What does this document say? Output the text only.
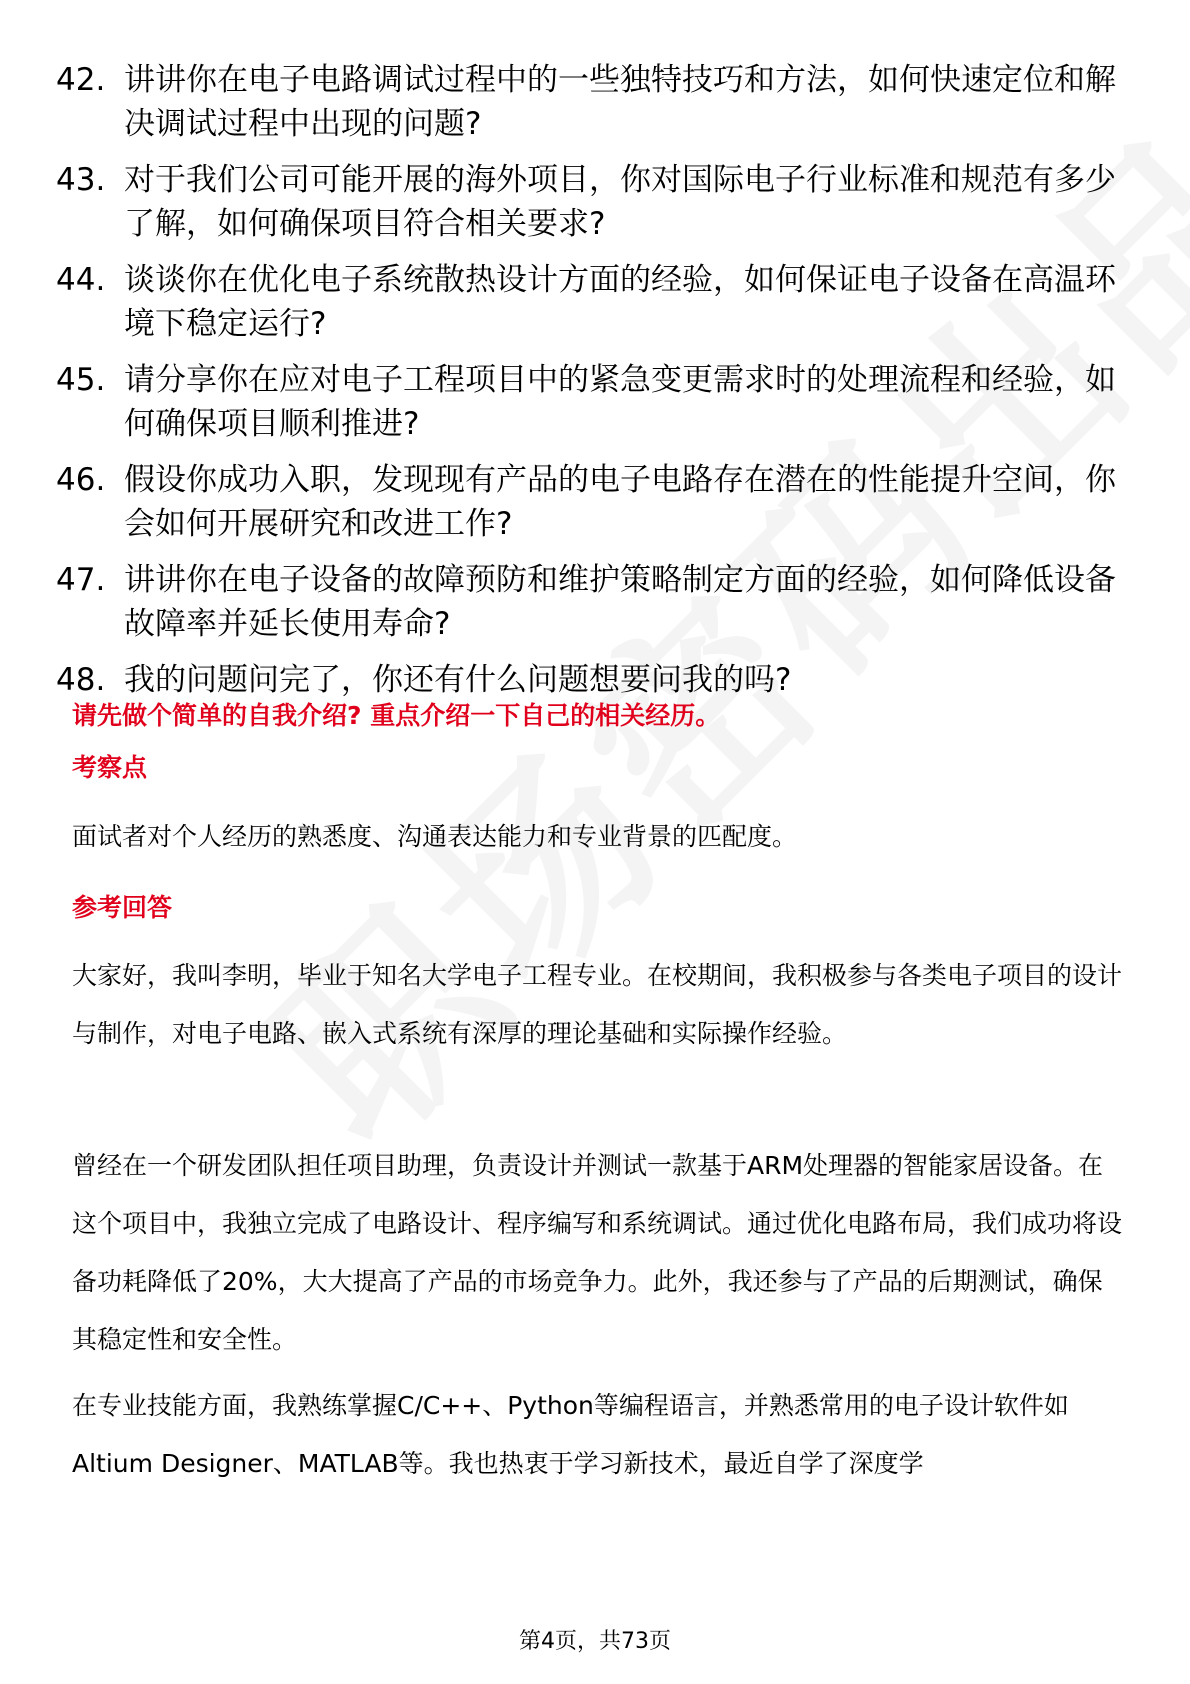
42. 讲讲你在电子电路调试过程中的一些独特技巧和方法，如何快速定位和解决调试过程中出现的问题?
43. 对于我们公司可能开展的海外项目，你对国际电子行业标准和规范有多少了解，如何确保项目符合相关要求?
44. 谈谈你在优化电子系统散热设计方面的经验，如何保证电子设备在高温环境下稳定运行?
45. 请分享你在应对电子工程项目中的紧急变更需求时的处理流程和经验，如何确保项目顺利推进?
46. 假设你成功入职，发现现有产品的电子电路存在潜在的性能提升空间，你会如何开展研究和改进工作?
47. 讲讲你在电子设备的故障预防和维护策略制定方面的经验，如何降低设备故障率并延长使用寿命?
48. 我的问题问完了，你还有什么问题想要问我的吗?
请先做个简单的自我介绍? 重点介绍一下自己的相关经历。
考察点
面试者对个人经历的熟悉度、沟通表达能力和专业背景的匹配度。
参考回答
大家好，我叫李明，毕业于知名大学电子工程专业。在校期间，我积极参与各类电子项目的设计与制作，对电子电路、嵌入式系统有深厚的理论基础和实际操作经验。
曾经在一个研发团队担任项目助理，负责设计并测试一款基于ARM处理器的智能家居设备。在这个项目中，我独立完成了电路设计、程序编写和系统调试。通过优化电路布局，我们成功将设备功耗降低了20%，大大提高了产品的市场竞争力。此外，我还参与了产品的后期测试，确保其稳定性和安全性。
在专业技能方面，我熟练掌握C/C++、Python等编程语言，并熟悉常用的电子设计软件如Altium Designer、MATLAB等。我也热衷于学习新技术，最近自学了深度学
第4页，共73页
